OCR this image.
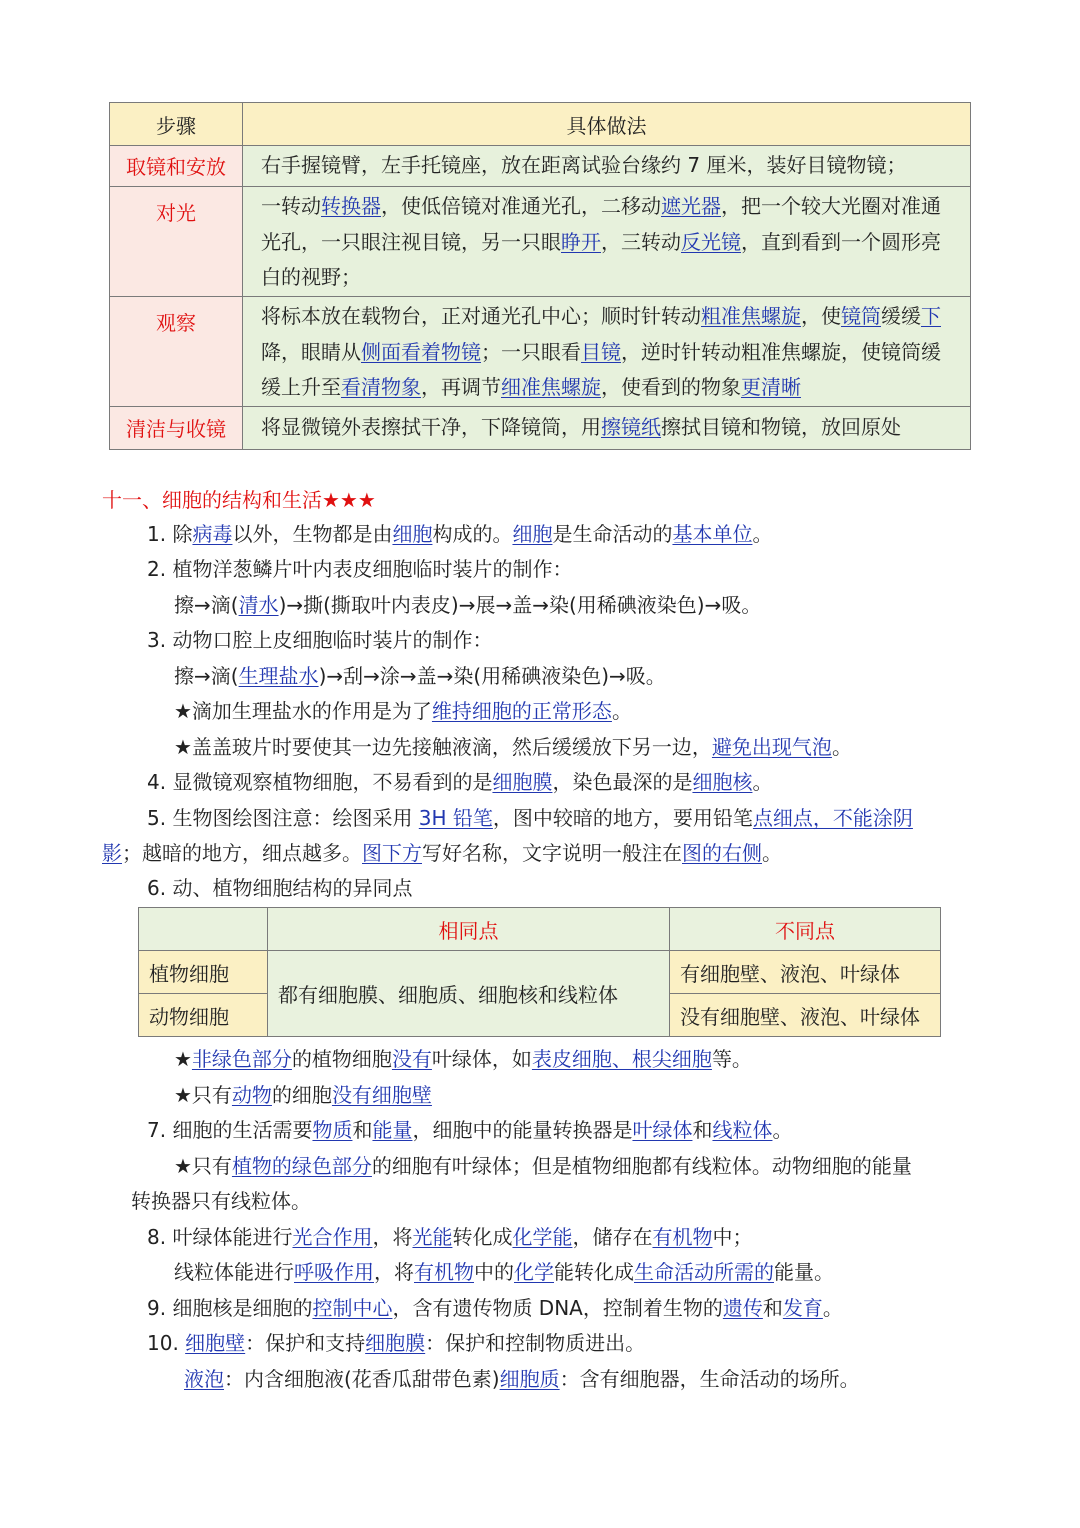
步骤	具体做法
取镜和安放	右手握镜臂，左手托镜座，放在距离试验台缘约 7 厘米，装好目镜物镜；
对光	一转动转换器，使低倍镜对准通光孔，二移动遮光器，把一个较大光圈对准通光孔，一只眼注视目镜，另一只眼睁开，三转动反光镜，直到看到一个圆形亮白的视野；
观察	将标本放在载物台，正对通光孔中心；顺时针转动粗准焦螺旋，使镜筒缓缓下降，眼睛从侧面看着物镜；一只眼看目镜，逆时针转动粗准焦螺旋，使镜筒缓缓上升至看清物象，再调节细准焦螺旋，使看到的物象更清晰
清洁与收镜	将显微镜外表擦拭干净，下降镜筒，用擦镜纸擦拭目镜和物镜，放回原处
十一、细胞的结构和生活★★★
1. 除病毒以外，生物都是由细胞构成的。细胞是生命活动的基本单位。
2. 植物洋葱鳞片叶内表皮细胞临时装片的制作：
擦→滴(清水)→撕(撕取叶内表皮)→展→盖→染(用稀碘液染色)→吸。
3. 动物口腔上皮细胞临时装片的制作：
擦→滴(生理盐水)→刮→涂→盖→染(用稀碘液染色)→吸。
★滴加生理盐水的作用是为了维持细胞的正常形态。
★盖盖玻片时要使其一边先接触液滴，然后缓缓放下另一边，避免出现气泡。
4. 显微镜观察植物细胞，不易看到的是细胞膜，染色最深的是细胞核。
5. 生物图绘图注意：绘图采用 3H 铅笔，图中较暗的地方，要用铅笔点细点，不能涂阴
影；越暗的地方，细点越多。图下方写好名称，文字说明一般注在图的右侧。
6. 动、植物细胞结构的异同点
	相同点	不同点
植物细胞	都有细胞膜、细胞质、细胞核和线粒体	有细胞壁、液泡、叶绿体
动物细胞		没有细胞壁、液泡、叶绿体
★非绿色部分的植物细胞没有叶绿体，如表皮细胞、根尖细胞等。
★只有动物的细胞没有细胞壁
7. 细胞的生活需要物质和能量，细胞中的能量转换器是叶绿体和线粒体。
★只有植物的绿色部分的细胞有叶绿体；但是植物细胞都有线粒体。动物细胞的能量
转换器只有线粒体。
8. 叶绿体能进行光合作用，将光能转化成化学能，储存在有机物中；
线粒体能进行呼吸作用，将有机物中的化学能转化成生命活动所需的能量。
9. 细胞核是细胞的控制中心，含有遗传物质 DNA，控制着生物的遗传和发育。
10. 细胞壁：保护和支持细胞膜：保护和控制物质进出。
液泡：内含细胞液(花香瓜甜带色素)细胞质：含有细胞器，生命活动的场所。
